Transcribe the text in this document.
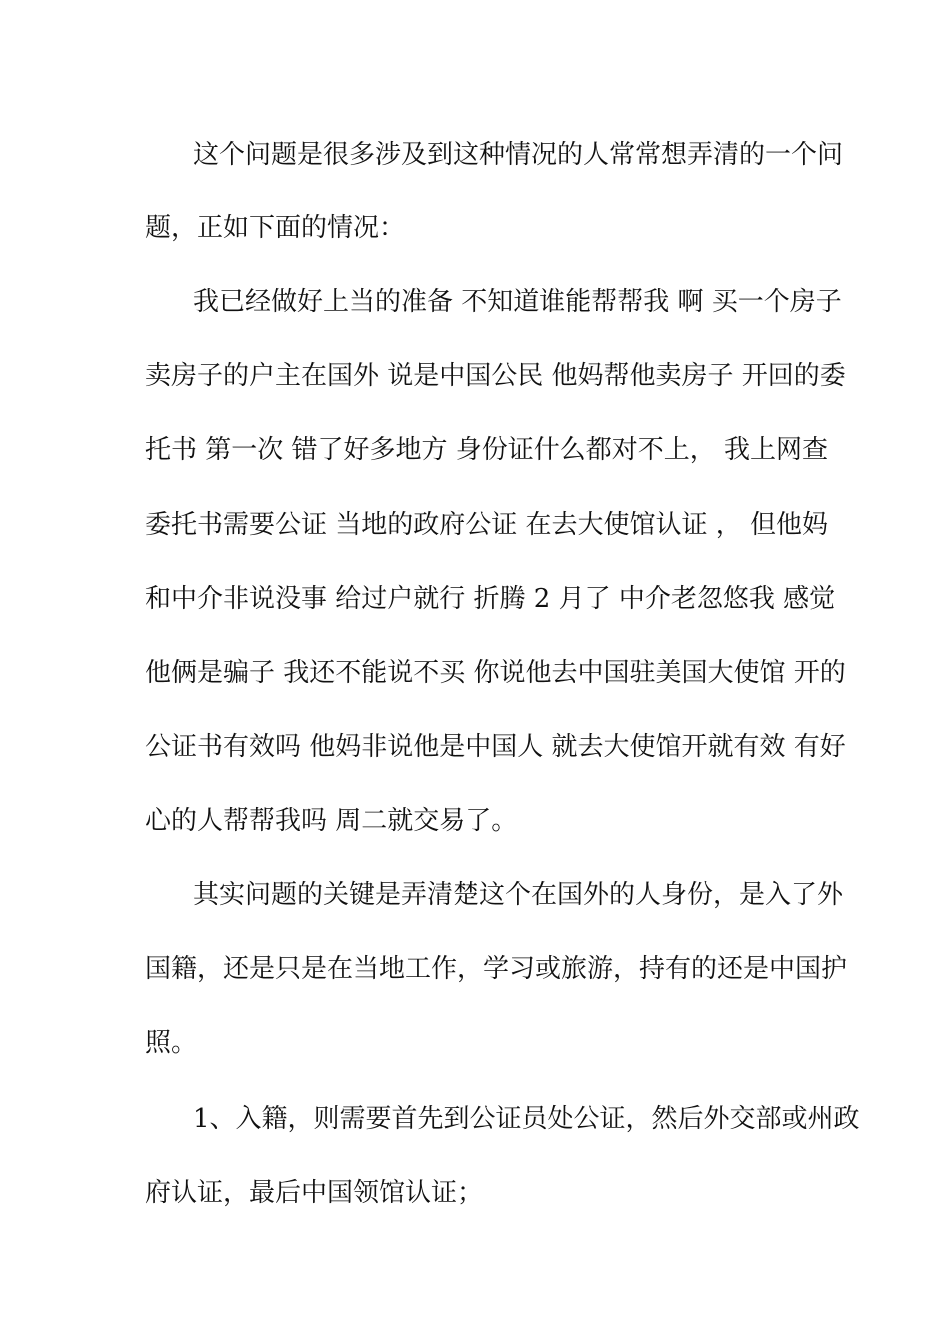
这个问题是很多涉及到这种情况的人常常想弄清的一个问
题，正如下面的情况：
我已经做好上当的准备 不知道谁能帮帮我 啊 买一个房子
卖房子的户主在国外 说是中国公民 他妈帮他卖房子 开回的委
托书 第一次 错了好多地方 身份证什么都对不上， 我上网查
委托书需要公证 当地的政府公证 在去大使馆认证 ， 但他妈
和中介非说没事 给过户就行 折腾 2 月了 中介老忽悠我 感觉
他俩是骗子 我还不能说不买 你说他去中国驻美国大使馆 开的
公证书有效吗 他妈非说他是中国人 就去大使馆开就有效 有好
心的人帮帮我吗 周二就交易了。
其实问题的关键是弄清楚这个在国外的人身份，是入了外
国籍，还是只是在当地工作，学习或旅游，持有的还是中国护
照。
1、入籍，则需要首先到公证员处公证，然后外交部或州政
府认证，最后中国领馆认证；
